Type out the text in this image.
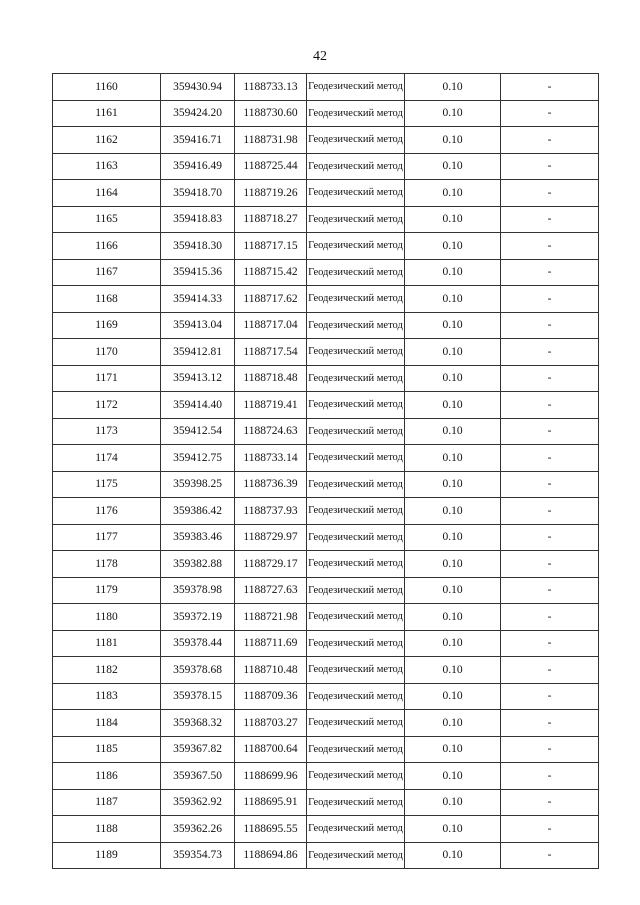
42
1160	359430.94	1188733.13	Геодезический метод	0.10	-
1161	359424.20	1188730.60	Геодезический метод	0.10	-
1162	359416.71	1188731.98	Геодезический метод	0.10	-
1163	359416.49	1188725.44	Геодезический метод	0.10	-
1164	359418.70	1188719.26	Геодезический метод	0.10	-
1165	359418.83	1188718.27	Геодезический метод	0.10	-
1166	359418.30	1188717.15	Геодезический метод	0.10	-
1167	359415.36	1188715.42	Геодезический метод	0.10	-
1168	359414.33	1188717.62	Геодезический метод	0.10	-
1169	359413.04	1188717.04	Геодезический метод	0.10	-
1170	359412.81	1188717.54	Геодезический метод	0.10	-
1171	359413.12	1188718.48	Геодезический метод	0.10	-
1172	359414.40	1188719.41	Геодезический метод	0.10	-
1173	359412.54	1188724.63	Геодезический метод	0.10	-
1174	359412.75	1188733.14	Геодезический метод	0.10	-
1175	359398.25	1188736.39	Геодезический метод	0.10	-
1176	359386.42	1188737.93	Геодезический метод	0.10	-
1177	359383.46	1188729.97	Геодезический метод	0.10	-
1178	359382.88	1188729.17	Геодезический метод	0.10	-
1179	359378.98	1188727.63	Геодезический метод	0.10	-
1180	359372.19	1188721.98	Геодезический метод	0.10	-
1181	359378.44	1188711.69	Геодезический метод	0.10	-
1182	359378.68	1188710.48	Геодезический метод	0.10	-
1183	359378.15	1188709.36	Геодезический метод	0.10	-
1184	359368.32	1188703.27	Геодезический метод	0.10	-
1185	359367.82	1188700.64	Геодезический метод	0.10	-
1186	359367.50	1188699.96	Геодезический метод	0.10	-
1187	359362.92	1188695.91	Геодезический метод	0.10	-
1188	359362.26	1188695.55	Геодезический метод	0.10	-
1189	359354.73	1188694.86	Геодезический метод	0.10	-
